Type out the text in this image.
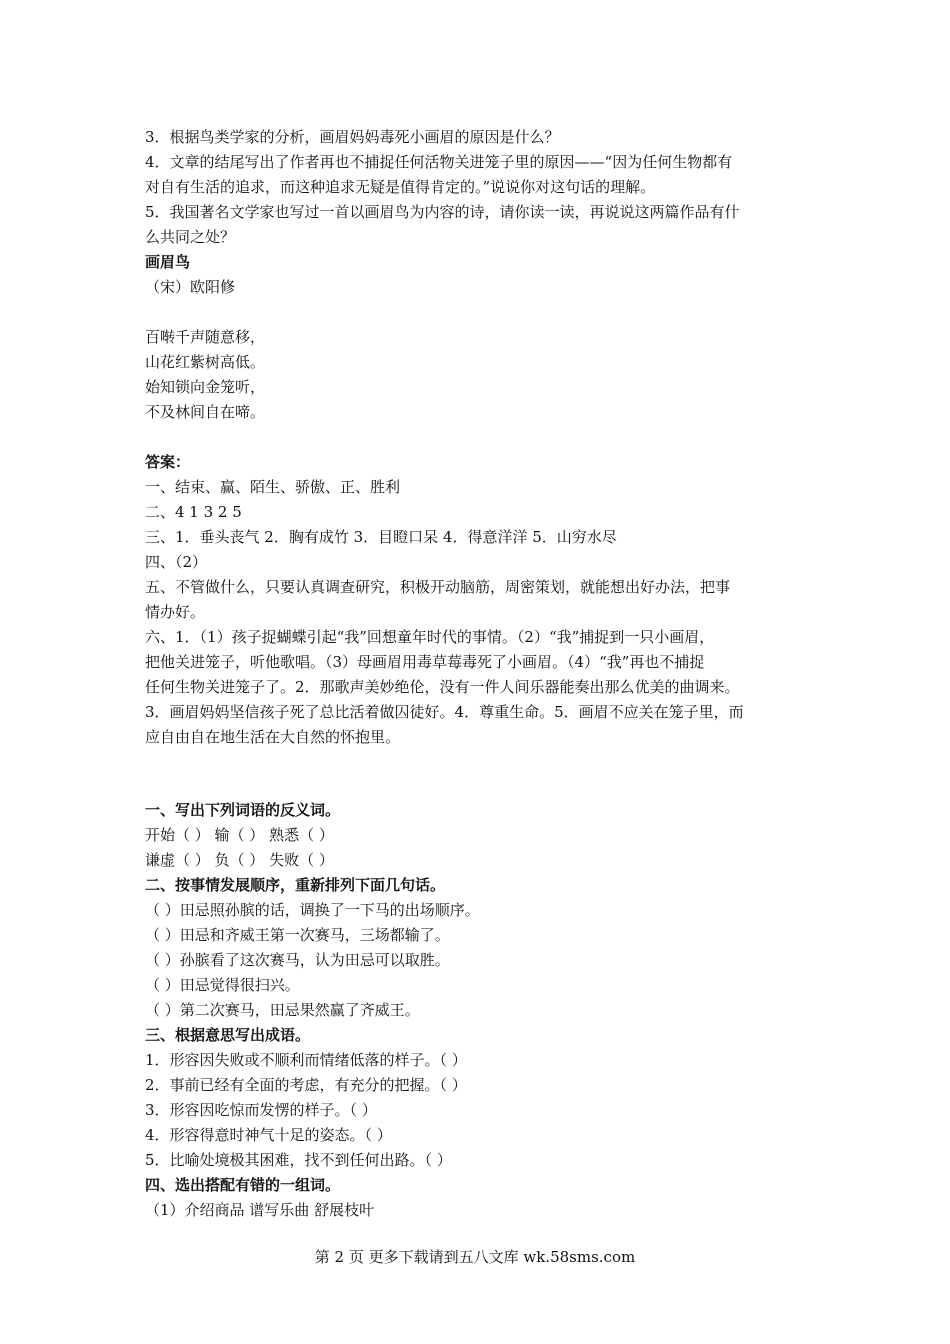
3．根据鸟类学家的分析，画眉妈妈毒死小画眉的原因是什么？
4．文章的结尾写出了作者再也不捕捉任何活物关进笼子里的原因——“因为任何生物都有
对自有生活的追求，而这种追求无疑是值得肯定的。”说说你对这句话的理解。
5．我国著名文学家也写过一首以画眉鸟为内容的诗，请你读一读，再说说这两篇作品有什
么共同之处？
画眉鸟
（宋）欧阳修
百啭千声随意移，
山花红紫树高低。
始知锁向金笼听，
不及林间自在啼。
答案：
一、结束、赢、陌生、骄傲、正、胜利
二、4 1 3 2 5
三、1．垂头丧气 2．胸有成竹 3．目瞪口呆 4．得意洋洋 5．山穷水尽
四、（2）
五、不管做什么，只要认真调查研究，积极开动脑筋，周密策划，就能想出好办法，把事
情办好。
六、1．（1）孩子捉蝴蝶引起“我”回想童年时代的事情。（2）“我”捕捉到一只小画眉，
把他关进笼子，听他歌唱。（3）母画眉用毒草莓毒死了小画眉。（4）“我”再也不捕捉
任何生物关进笼子了。2．那歌声美妙绝伦，没有一件人间乐器能奏出那么优美的曲调来。
3．画眉妈妈坚信孩子死了总比活着做囚徒好。4．尊重生命。5．画眉不应关在笼子里，而
应自由自在地生活在大自然的怀抱里。
一、写出下列词语的反义词。
开始（ ） 输（ ） 熟悉（ ）
谦虚（ ） 负（ ） 失败（ ）
二、按事情发展顺序，重新排列下面几句话。
（ ）田忌照孙膑的话，调换了一下马的出场顺序。
（ ）田忌和齐威王第一次赛马，三场都输了。
（ ）孙膑看了这次赛马，认为田忌可以取胜。
（ ）田忌觉得很扫兴。
（ ）第二次赛马，田忌果然赢了齐威王。
三、根据意思写出成语。
1．形容因失败或不顺利而情绪低落的样子。（ ）
2．事前已经有全面的考虑，有充分的把握。（ ）
3．形容因吃惊而发愣的样子。（ ）
4．形容得意时神气十足的姿态。（ ）
5．比喻处境极其困难，找不到任何出路。（ ）
四、选出搭配有错的一组词。
（1）介绍商品 谱写乐曲 舒展枝叶
第 2 页 更多下载请到五八文库 wk.58sms.com
